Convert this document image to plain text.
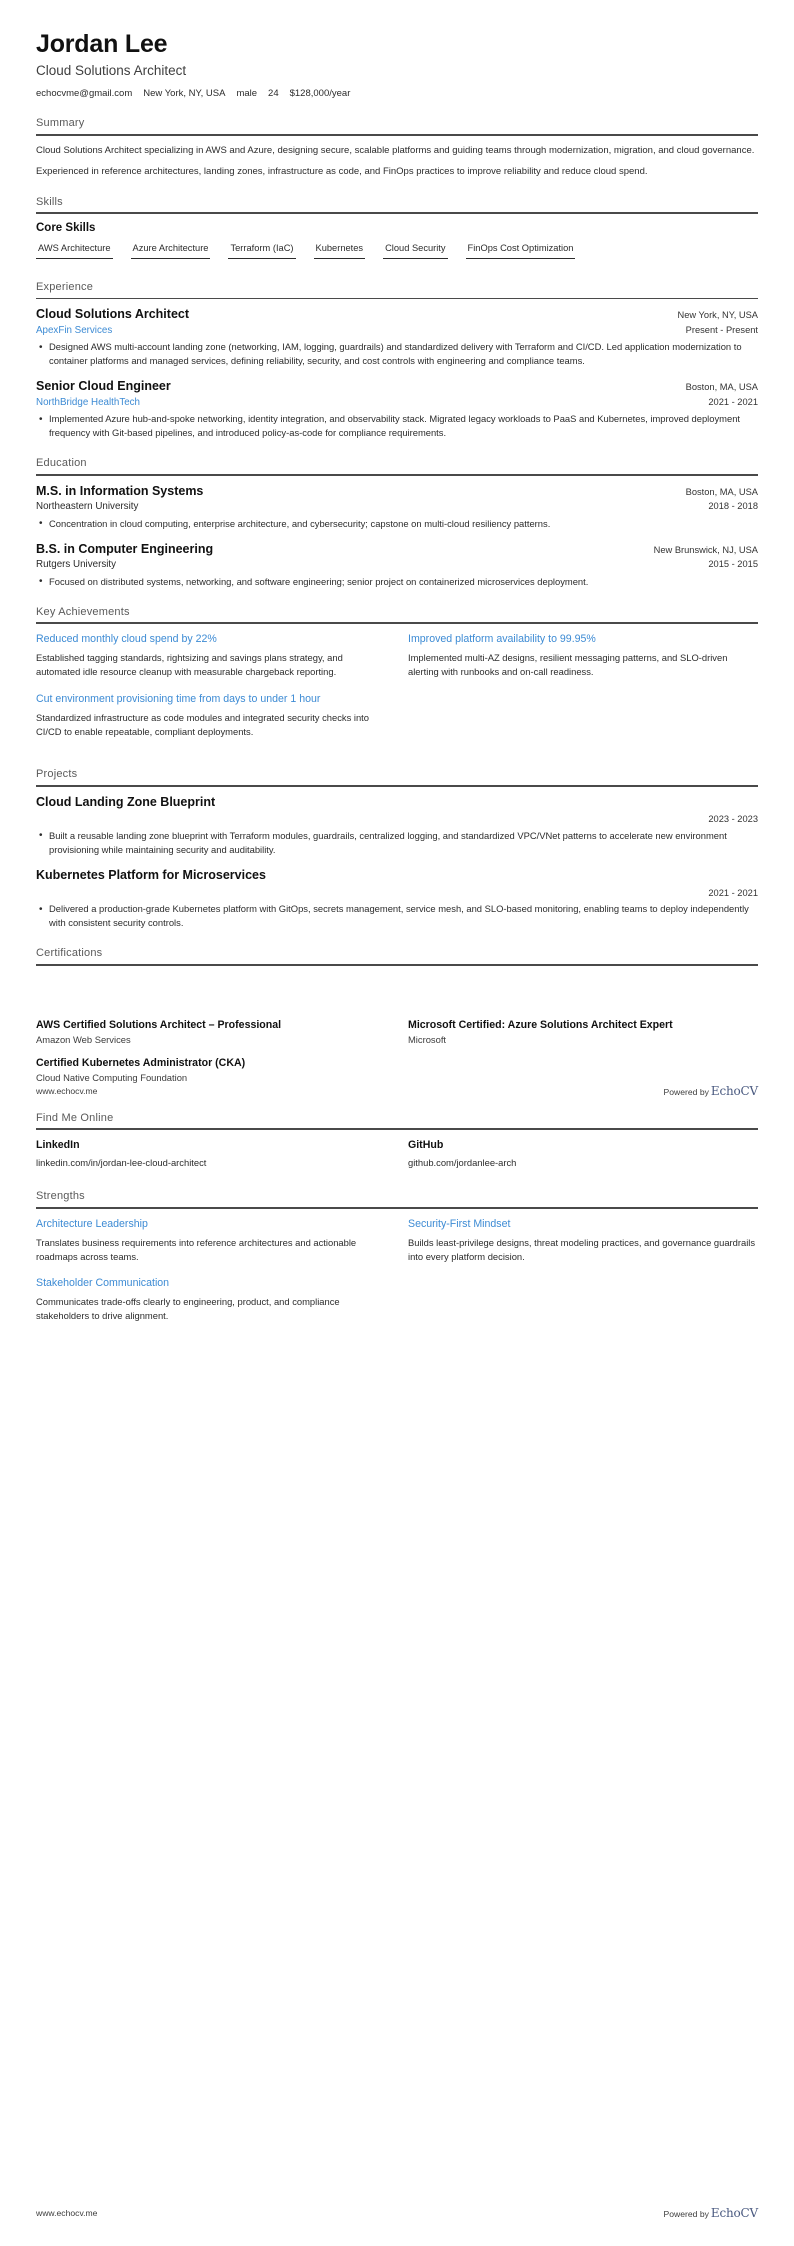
Jordan Lee
Cloud Solutions Architect
echocvme@gmail.com New York, NY, USA male 24 $128,000/year
Summary

Cloud Solutions Architect specializing in AWS and Azure, designing secure, scalable platforms and guiding teams through modernization, migration, and cloud governance.

Experienced in reference architectures, landing zones, infrastructure as code, and FinOps practices to improve reliability and reduce cloud spend.

Skills
Core Skills
AWS Architecture Azure Architecture Terraform (IaC) Kubernetes Cloud Security FinOps Cost Optimization
Experience
Cloud Solutions Architect	New York, NY, USA
ApexFin Services	Present - Present
• Designed AWS multi-account landing zone (networking, IAM, logging, guardrails) and standardized delivery with Terraform and CI/CD. Led application modernization to container platforms and managed services, defining reliability, security, and cost controls with engineering and compliance teams.
Senior Cloud Engineer	Boston, MA, USA
NorthBridge HealthTech	2021 - 2021
• Implemented Azure hub-and-spoke networking, identity integration, and observability stack. Migrated legacy workloads to PaaS and Kubernetes, improved deployment frequency with Git-based pipelines, and introduced policy-as-code for compliance requirements.
Education
M.S. in Information Systems	Boston, MA, USA
Northeastern University	2018 - 2018
• Concentration in cloud computing, enterprise architecture, and cybersecurity; capstone on multi-cloud resiliency patterns.
B.S. in Computer Engineering	New Brunswick, NJ, USA
Rutgers University	2015 - 2015
• Focused on distributed systems, networking, and software engineering; senior project on containerized microservices deployment.
Key Achievements
Reduced monthly cloud spend by 22%
Established tagging standards, rightsizing and savings plans strategy, and automated idle resource cleanup with measurable chargeback reporting.
Cut environment provisioning time from days to under 1 hour
Standardized infrastructure as code modules and integrated security checks into CI/CD to enable repeatable, compliant deployments.
Improved platform availability to 99.95%
Implemented multi-AZ designs, resilient messaging patterns, and SLO-driven alerting with runbooks and on-call readiness.
Projects
Cloud Landing Zone Blueprint
2023 - 2023
• Built a reusable landing zone blueprint with Terraform modules, guardrails, centralized logging, and standardized VPC/VNet patterns to accelerate new environment provisioning while maintaining security and auditability.
Kubernetes Platform for Microservices
2021 - 2021
• Delivered a production-grade Kubernetes platform with GitOps, secrets management, service mesh, and SLO-based monitoring, enabling teams to deploy independently with consistent security controls.
Certifications
AWS Certified Solutions Architect – Professional
Amazon Web Services
Certified Kubernetes Administrator (CKA)
Cloud Native Computing Foundation
Microsoft Certified: Azure Solutions Architect Expert
Microsoft
Find Me Online
LinkedIn
linkedin.com/in/jordan-lee-cloud-architect
GitHub
github.com/jordanlee-arch
Strengths
Architecture Leadership
Translates business requirements into reference architectures and actionable roadmaps across teams.
Stakeholder Communication
Communicates trade-offs clearly to engineering, product, and compliance stakeholders to drive alignment.
Security-First Mindset
Builds least-privilege designs, threat modeling practices, and governance guardrails into every platform decision.
www.echocv.me	Powered by EchoCV
www.echocv.me	Powered by EchoCV
